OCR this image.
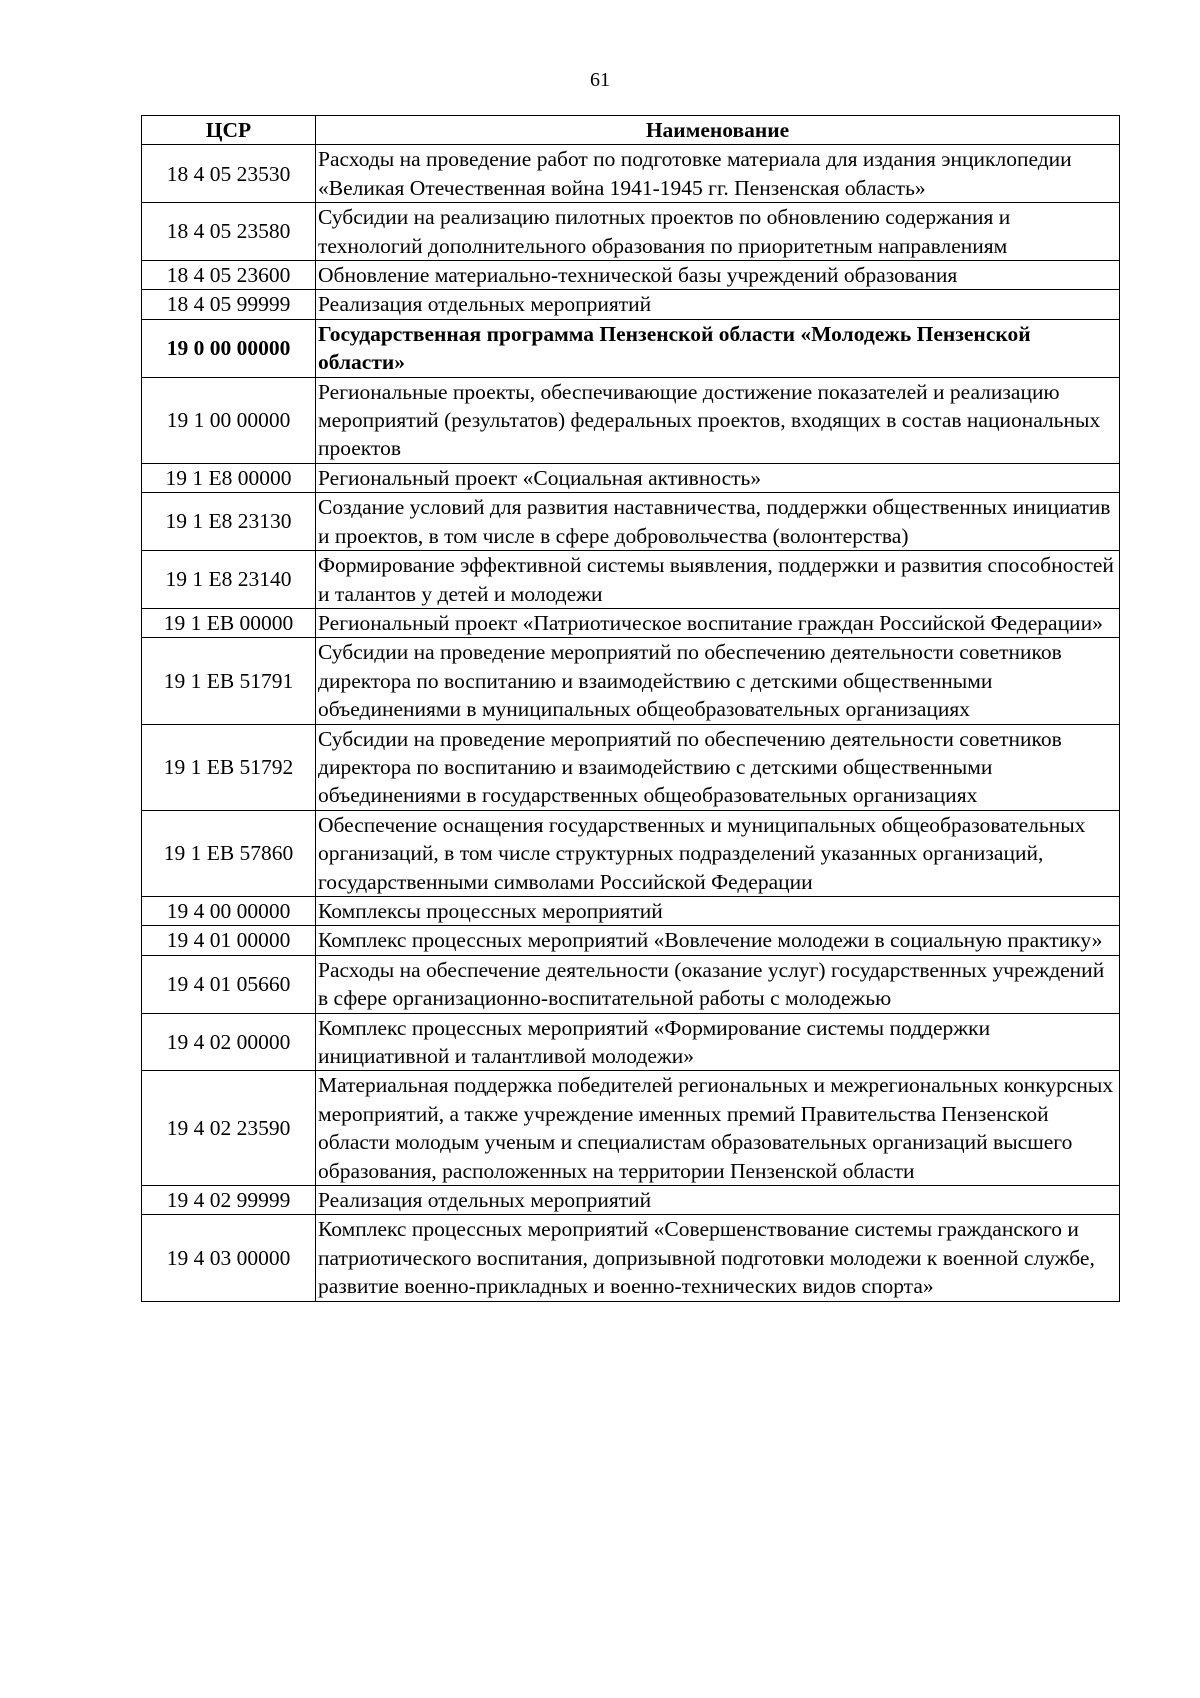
61
ЦСР	Наименование
18 4 05 23530	Расходы на проведение работ по подготовке материала для издания энциклопедии «Великая Отечественная война 1941-1945 гг. Пензенская область»
18 4 05 23580	Субсидии на реализацию пилотных проектов по обновлению содержания и технологий дополнительного образования по приоритетным направлениям
18 4 05 23600	Обновление материально-технической базы учреждений образования
18 4 05 99999	Реализация отдельных мероприятий
19 0 00 00000	Государственная программа Пензенской области «Молодежь Пензенской области»
19 1 00 00000	Региональные проекты, обеспечивающие достижение показателей и реализацию мероприятий (результатов) федеральных проектов, входящих в состав национальных проектов
19 1 E8 00000	Региональный проект «Социальная активность»
19 1 E8 23130	Создание условий для развития наставничества, поддержки общественных инициатив и проектов, в том числе в сфере добровольчества (волонтерства)
19 1 E8 23140	Формирование эффективной системы выявления, поддержки и развития способностей и талантов у детей и молодежи
19 1 EB 00000	Региональный проект «Патриотическое воспитание граждан Российской Федерации»
19 1 EB 51791	Субсидии на проведение мероприятий по обеспечению деятельности советников директора по воспитанию и взаимодействию с детскими общественными объединениями в муниципальных общеобразовательных организациях
19 1 EB 51792	Субсидии на проведение мероприятий по обеспечению деятельности советников директора по воспитанию и взаимодействию с детскими общественными объединениями в государственных общеобразовательных организациях
19 1 EB 57860	Обеспечение оснащения государственных и муниципальных общеобразовательных организаций, в том числе структурных подразделений указанных организаций, государственными символами Российской Федерации
19 4 00 00000	Комплексы процессных мероприятий
19 4 01 00000	Комплекс процессных мероприятий «Вовлечение молодежи в социальную практику»
19 4 01 05660	Расходы на обеспечение деятельности (оказание услуг) государственных учреждений в сфере организационно-воспитательной работы с молодежью
19 4 02 00000	Комплекс процессных мероприятий «Формирование системы поддержки инициативной и талантливой молодежи»
19 4 02 23590	Материальная поддержка победителей региональных и межрегиональных конкурсных мероприятий, а также учреждение именных премий Правительства Пензенской области молодым ученым и специалистам образовательных организаций высшего образования, расположенных на территории Пензенской области
19 4 02 99999	Реализация отдельных мероприятий
19 4 03 00000	Комплекс процессных мероприятий «Совершенствование системы гражданского и патриотического воспитания, допризывной подготовки молодежи к военной службе, развитие военно-прикладных и военно-технических видов спорта»
